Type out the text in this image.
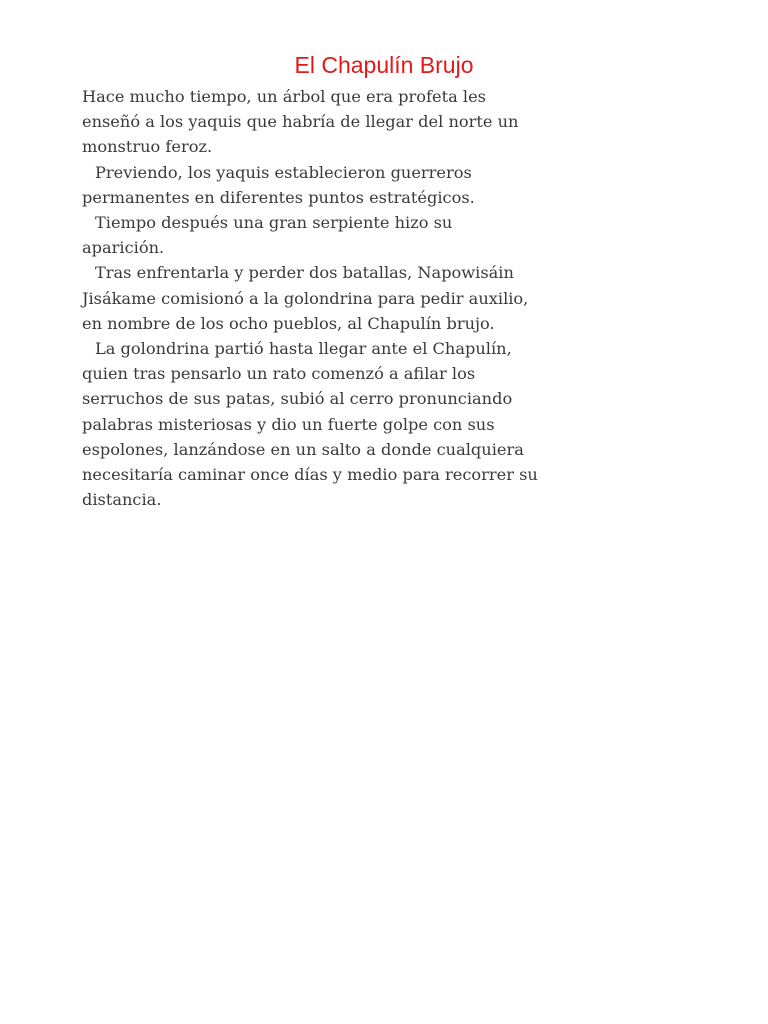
El Chapulín Brujo

Hace mucho tiempo, un árbol que era profeta les

enseñó a los yaquis que habría de llegar del norte un

monstruo feroz.

Previendo, los yaquis establecieron guerreros

permanentes en diferentes puntos estratégicos.

Tiempo después una gran serpiente hizo su

aparición.

Tras enfrentarla y perder dos batallas, Napowisáin

Jisákame comisionó a la golondrina para pedir auxilio,

en nombre de los ocho pueblos, al Chapulín brujo.

La golondrina partió hasta llegar ante el Chapulín,

quien tras pensarlo un rato comenzó a afilar los

serruchos de sus patas, subió al cerro pronunciando

palabras misteriosas y dio un fuerte golpe con sus

espolones, lanzándose en un salto a donde cualquiera

necesitaría caminar once días y medio para recorrer su

distancia.
